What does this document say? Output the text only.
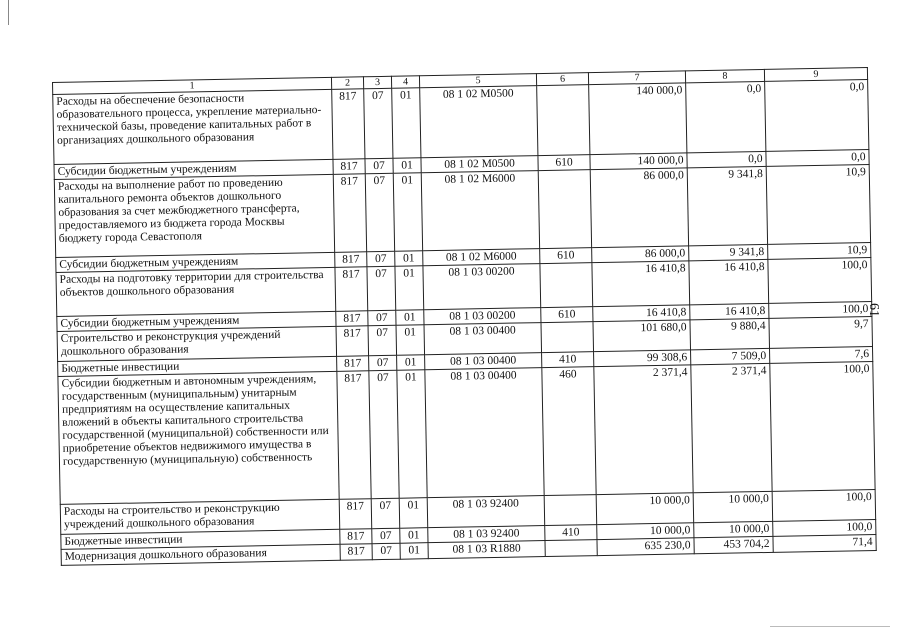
1	2	3	4	5	6	7	8	9
Расходы на обеспечение безопасности образовательного процесса, укрепление материально-технической базы, проведение капитальных работ в организациях дошкольного образования	817	07	01	08 1 02 М0500		140 000,0	0,0	0,0
Субсидии бюджетным учреждениям	817	07	01	08 1 02 М0500	610	140 000,0	0,0	0,0
Расходы на выполнение работ по проведению капитального ремонта объектов дошкольного образования за счет межбюджетного трансферта, предоставляемого из бюджета города Москвы бюджету города Севастополя	817	07	01	08 1 02 М6000		86 000,0	9 341,8	10,9
Субсидии бюджетным учреждениям	817	07	01	08 1 02 М6000	610	86 000,0	9 341,8	10,9
Расходы на подготовку территории для строительства объектов дошкольного образования	817	07	01	08 1 03 00200		16 410,8	16 410,8	100,0
Субсидии бюджетным учреждениям	817	07	01	08 1 03 00200	610	16 410,8	16 410,8	100,0
Строительство и реконструкция учреждений дошкольного образования	817	07	01	08 1 03 00400		101 680,0	9 880,4	9,7
Бюджетные инвестиции	817	07	01	08 1 03 00400	410	99 308,6	7 509,0	7,6
Субсидии бюджетным и автономным учреждениям, государственным (муниципальным) унитарным предприятиям на осуществление капитальных вложений в объекты капитального строительства государственной (муниципальной) собственности или приобретение объектов недвижимого имущества в государственную (муниципальную) собственность	817	07	01	08 1 03 00400	460	2 371,4	2 371,4	100,0
Расходы на строительство и реконструкцию учреждений дошкольного образования	817	07	01	08 1 03 92400		10 000,0	10 000,0	100,0
Бюджетные инвестиции	817	07	01	08 1 03 92400	410	10 000,0	10 000,0	100,0
Модернизация дошкольного образования	817	07	01	08 1 03 R1880		635 230,0	453 704,2	71,4
61
